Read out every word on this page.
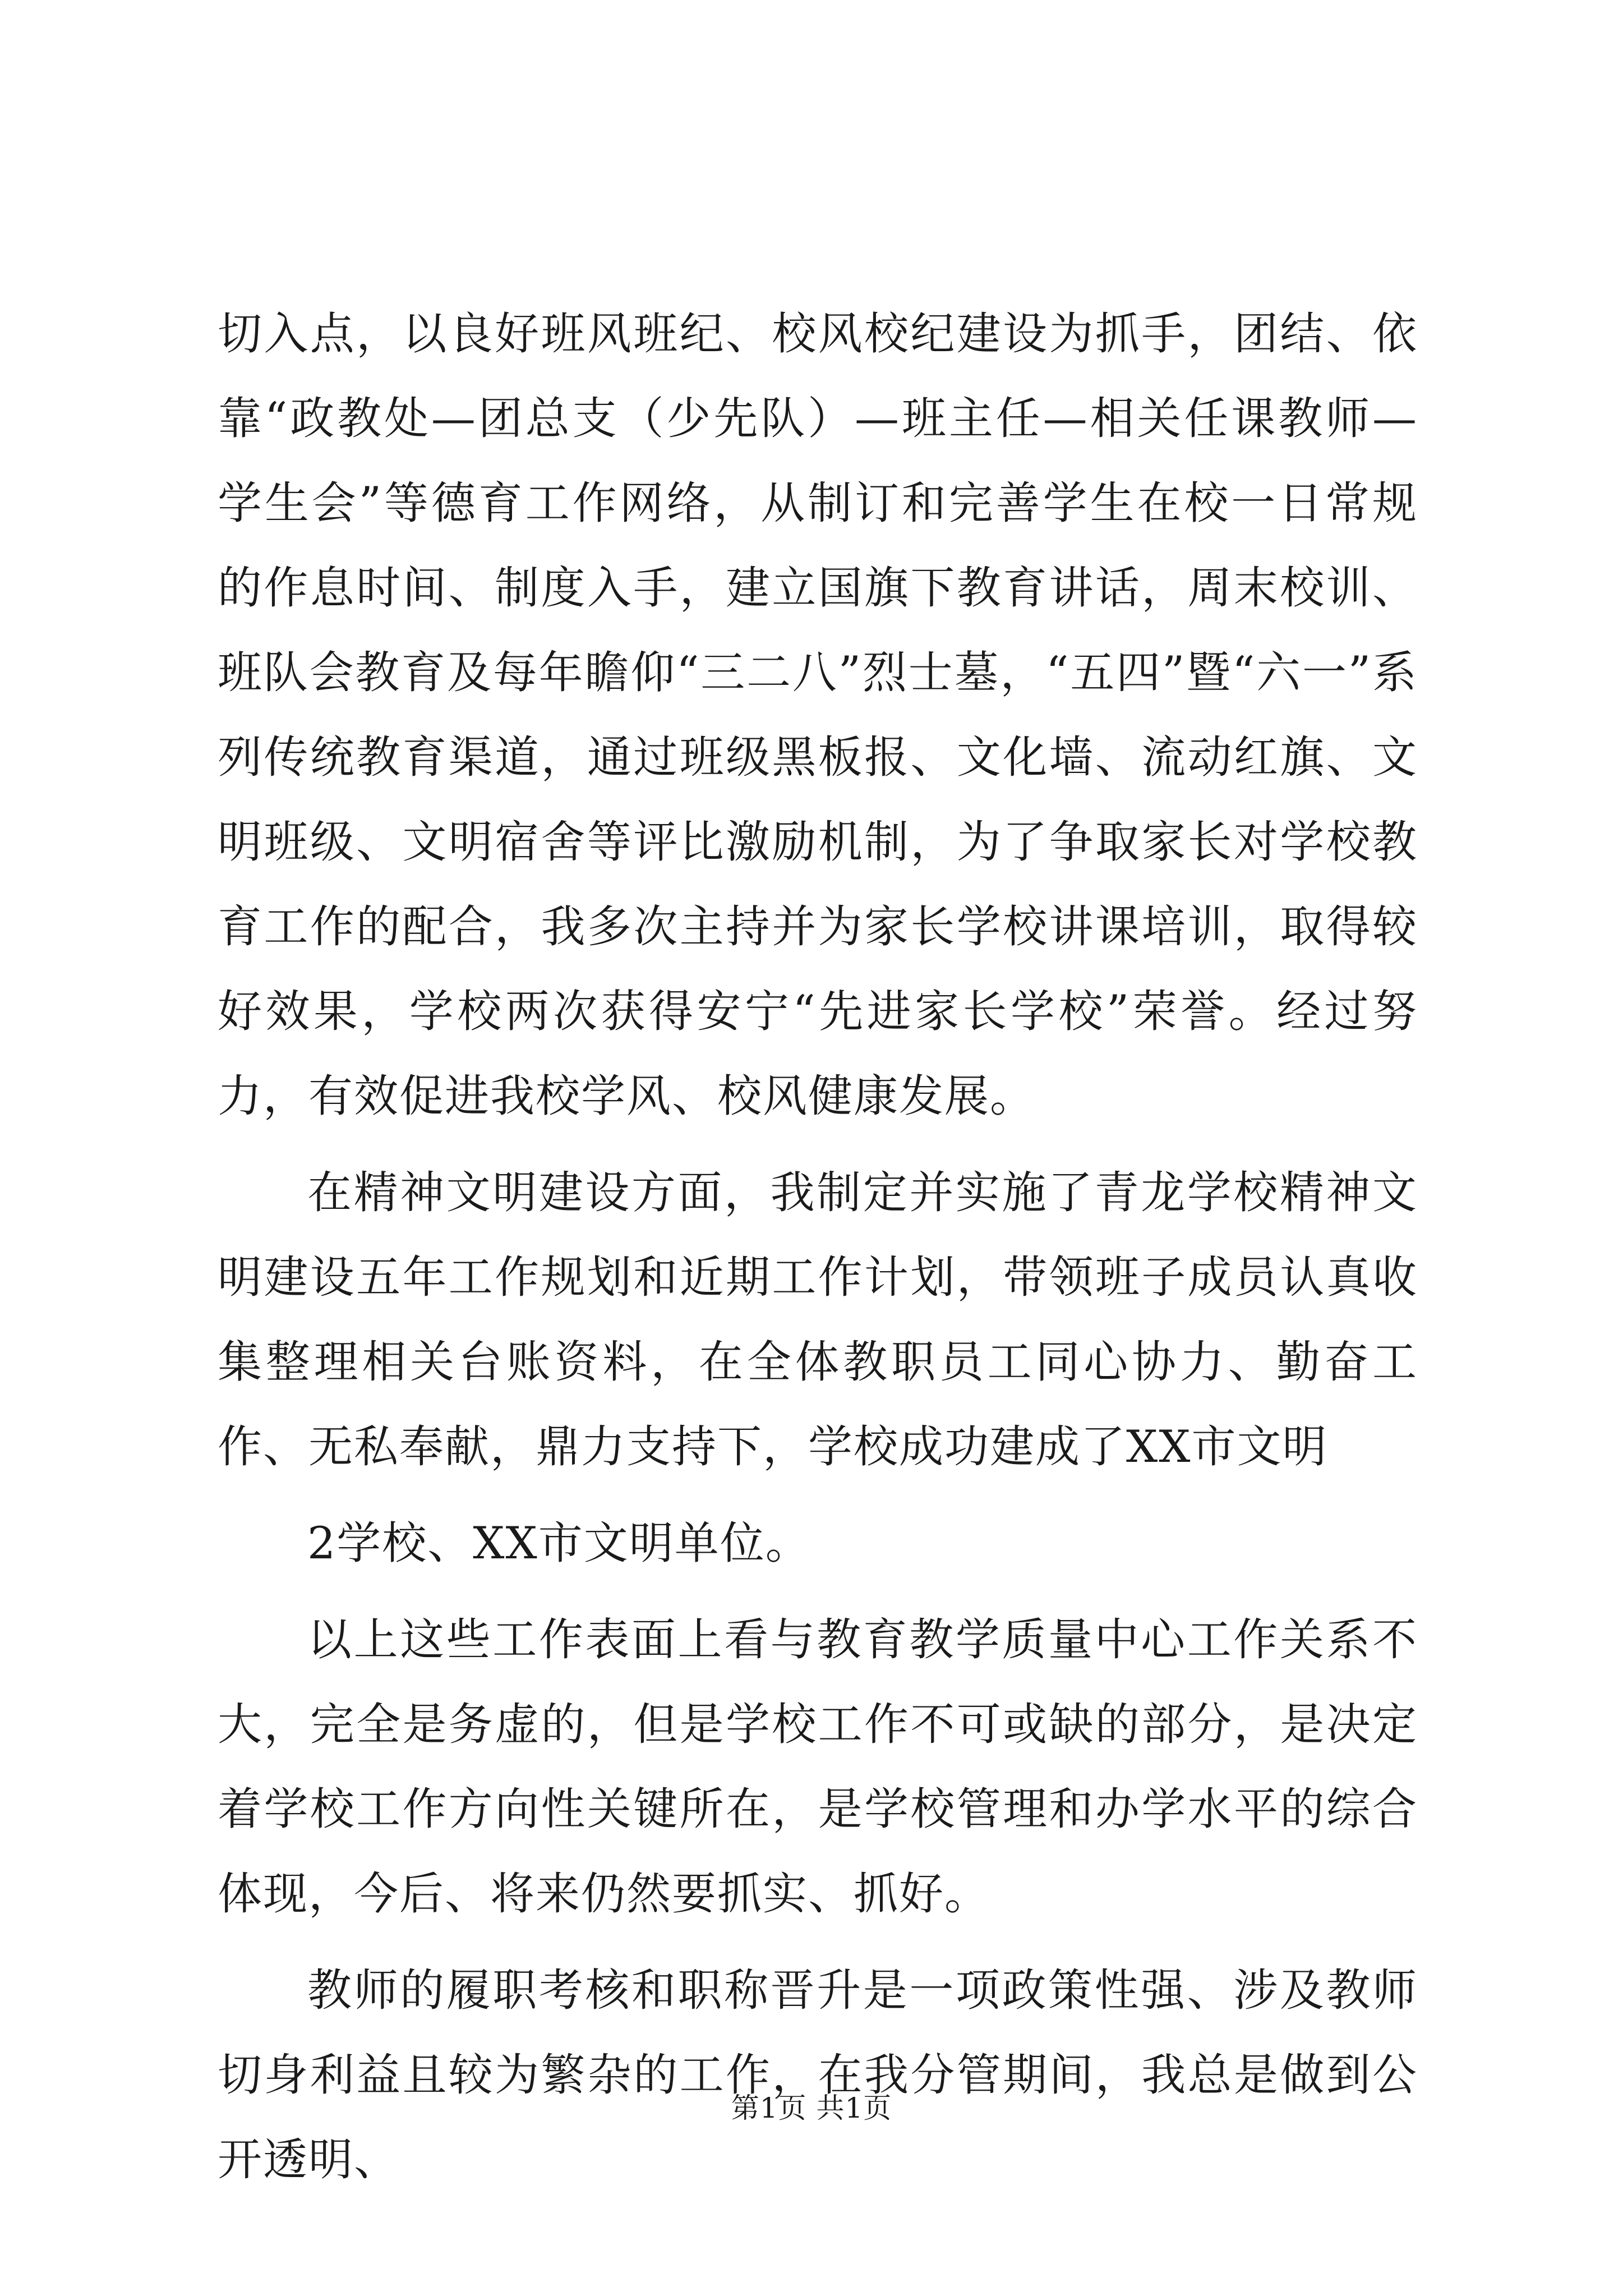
切入点，以良好班风班纪、校风校纪建设为抓手，团结、依靠“政教处—团总支（少先队）—班主任—相关任课教师—学生会”等德育工作网络，从制订和完善学生在校一日常规的作息时间、制度入手，建立国旗下教育讲话，周末校训、班队会教育及每年瞻仰“三二八”烈士墓，“五四”暨“六一”系列传统教育渠道，通过班级黑板报、文化墙、流动红旗、文明班级、文明宿舍等评比激励机制，为了争取家长对学校教育工作的配合，我多次主持并为家长学校讲课培训，取得较好效果，学校两次获得安宁“先进家长学校”荣誉。经过努力，有效促进我校学风、校风健康发展。

在精神文明建设方面，我制定并实施了青龙学校精神文明建设五年工作规划和近期工作计划，带领班子成员认真收集整理相关台账资料，在全体教职员工同心协力、勤奋工作、无私奉献，鼎力支持下，学校成功建成了XX市文明

2学校、XX市文明单位。

以上这些工作表面上看与教育教学质量中心工作关系不大，完全是务虚的，但是学校工作不可或缺的部分，是决定着学校工作方向性关键所在，是学校管理和办学水平的综合体现，今后、将来仍然要抓实、抓好。

教师的履职考核和职称晋升是一项政策性强、涉及教师切身利益且较为繁杂的工作，在我分管期间，我总是做到公开透明、

第1页 共1页
